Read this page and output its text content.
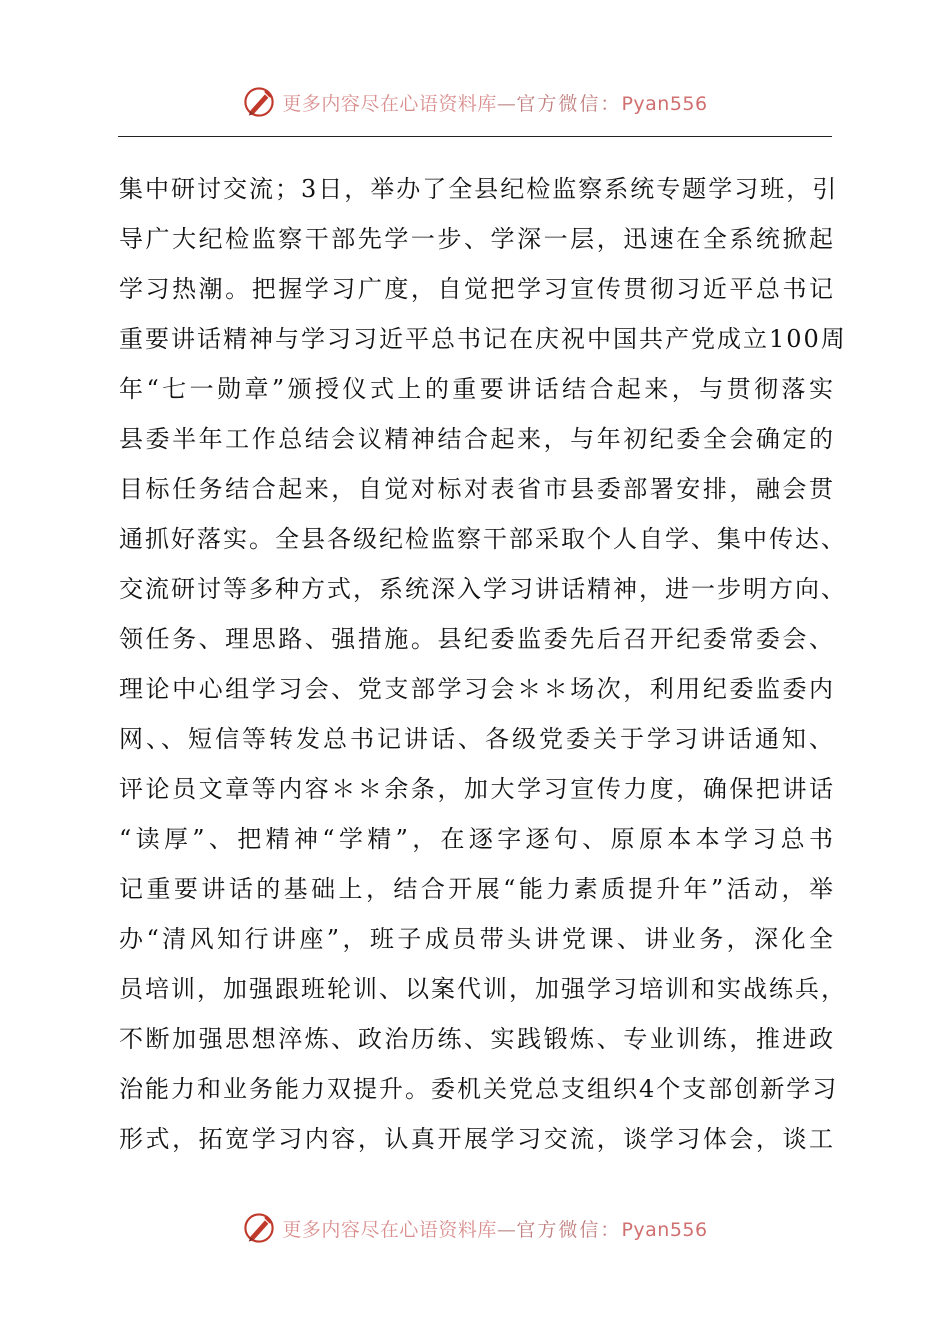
更多内容尽在心语资料库—官方微信：Pyan556
集中研讨交流；3日，举办了全县纪检监察系统专题学习班，引
导广大纪检监察干部先学一步、学深一层，迅速在全系统掀起
学习热潮。把握学习广度，自觉把学习宣传贯彻习近平总书记
重要讲话精神与学习习近平总书记在庆祝中国共产党成立100周
年“七一勋章”颁授仪式上的重要讲话结合起来，与贯彻落实
县委半年工作总结会议精神结合起来，与年初纪委全会确定的
目标任务结合起来，自觉对标对表省市县委部署安排，融会贯
通抓好落实。全县各级纪检监察干部采取个人自学、集中传达、
交流研讨等多种方式，系统深入学习讲话精神，进一步明方向、
领任务、理思路、强措施。县纪委监委先后召开纪委常委会、
理论中心组学习会、党支部学习会＊＊场次，利用纪委监委内
网、、短信等转发总书记讲话、各级党委关于学习讲话通知、
评论员文章等内容＊＊余条，加大学习宣传力度，确保把讲话
“读厚”、把精神“学精”，在逐字逐句、原原本本学习总书
记重要讲话的基础上，结合开展“能力素质提升年”活动，举
办“清风知行讲座”，班子成员带头讲党课、讲业务，深化全
员培训，加强跟班轮训、以案代训，加强学习培训和实战练兵，
不断加强思想淬炼、政治历练、实践锻炼、专业训练，推进政
治能力和业务能力双提升。委机关党总支组织4个支部创新学习
形式，拓宽学习内容，认真开展学习交流，谈学习体会，谈工
更多内容尽在心语资料库—官方微信：Pyan556
